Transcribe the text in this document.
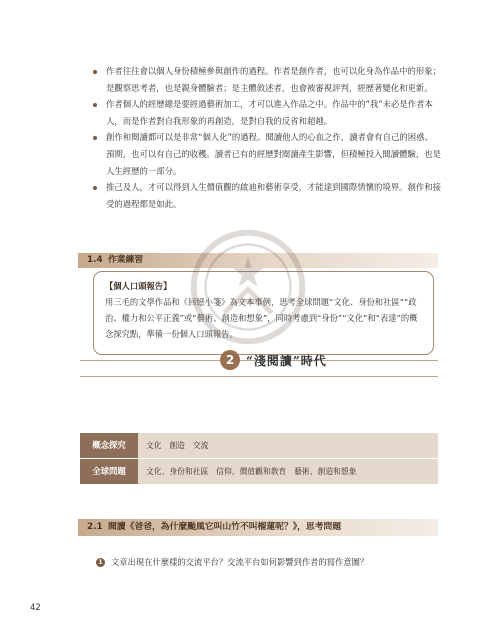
作者往往會以個人身份積極參與創作的過程。作者是創作者，也可以化身為作品中的形象；是觀察思考者，也是親身體驗者；是主體敘述者，也會被審視評判，經歷著變化和更新。
作者個人的經歷總是要經過藝術加工，才可以進入作品之中。作品中的“我”未必是作者本人，而是作者對自我形象的再創造，是對自我的反省和超越。
創作和閱讀都可以是非常“個人化”的過程。閱讀他人的心血之作，讀者會有自己的困惑、預期，也可以有自己的收穫。讀者已有的經歷對閱讀產生影響，但積極投入閱讀體驗，也是人生經歷的一部分。
推己及人，才可以得到人生價值觀的啟迪和藝術享受，才能達到國際情懷的境界。創作和接受的過程都是如此。
1.4 作業練習
【個人口頭報告】
用三毛的文學作品和《回憶小箋》為文本事例，思考全球問題“文化、身份和社區”“政治、權力和公平正義”或“藝術、創造和想象”，同時考慮到“身份”“文化”和“表達”的概念探究點，準備一份個人口頭報告。
2 “淺閱讀”時代
概念探究	文化　創造　交流
全球問題	文化、身份和社區　信仰、價值觀和教育　藝術、創造和想象
2.1 閱讀《爸爸，為什麼颱風它叫山竹不叫榴蓮呢？》，思考問題
1 文章出現在什麼樣的交流平台？交流平台如何影響到作者的寫作意圖？
42
